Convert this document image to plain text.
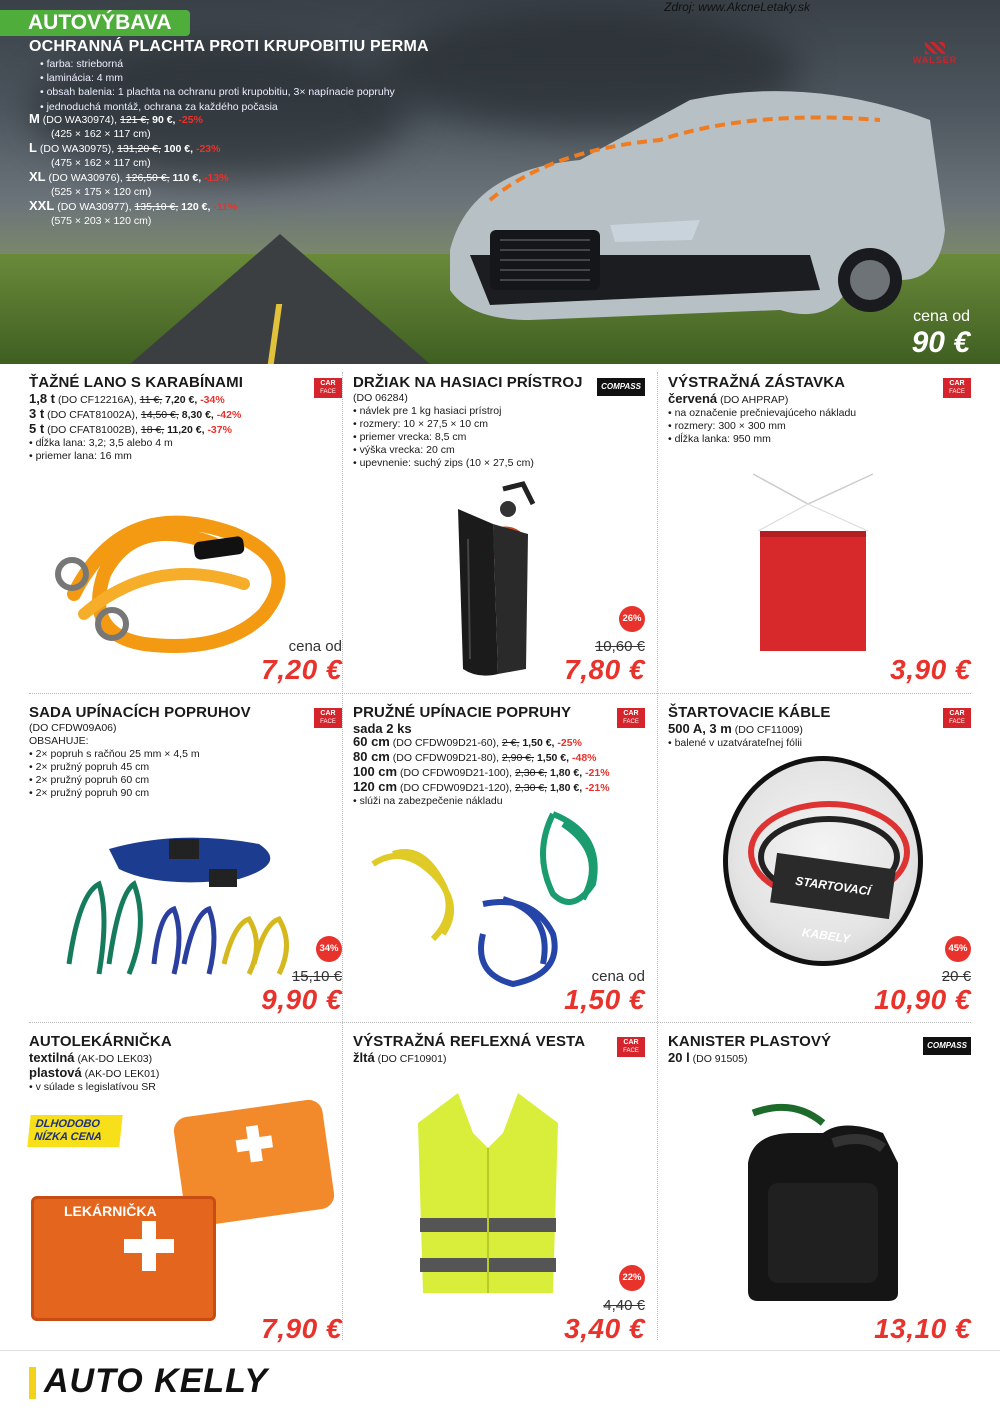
AUTOVÝBAVA
Zdroj: www.AkcneLetaky.sk
OCHRANNÁ PLACHTA PROTI KRUPOBITIU PERMA
• farba: strieborná
• laminácia: 4 mm
• obsah balenia: 1 plachta na ochranu proti krupobitiu, 3× napínacie popruhy
• jednoduchá montáž, ochrana za každého počasia
M (DO WA30974), 121 €, 90 €, -25%
(425 × 162 × 117 cm)
L (DO WA30975), 131,20 €, 100 €, -23%
(475 × 162 × 117 cm)
XL (DO WA30976), 126,50 €, 110 €, -13%
(525 × 175 × 120 cm)
XXL (DO WA30977), 135,10 €, 120 €, -11%
(575 × 203 × 120 cm)
WALSER
cena od
90 €
ŤAŽNÉ LANO S KARABÍNAMI	CAR
FACE
1,8 t (DO CF12216A), 11 €, 7,20 €, -34%
3 t (DO CFAT81002A), 14,50 €, 8,30 €, -42%
5 t (DO CFAT81002B), 18 €, 11,20 €, -37%
• dĺžka lana: 3,2; 3,5 alebo 4 m
• priemer lana: 16 mm
cena od
7,20 €
DRŽIAK NA HASIACI PRÍSTROJ	COMPASS
(DO 06284)
• návlek pre 1 kg hasiaci prístroj
• rozmery: 10 × 27,5 × 10 cm
• priemer vrecka: 8,5 cm
• výška vrecka: 20 cm
• upevnenie: suchý zips (10 × 27,5 cm)
26%
10,60 €
7,80 €
VÝSTRAŽNÁ ZÁSTAVKA	CAR
FACE
červená (DO AHPRAP)
• na označenie prečnievajúceho nákladu
• rozmery: 300 × 300 mm
• dĺžka lanka: 950 mm
3,90 €
SADA UPÍNACÍCH POPRUHOV	CAR
FACE
(DO CFDW09A06)
OBSAHUJE:
• 2× popruh s račňou 25 mm × 4,5 m
• 2× pružný popruh 45 cm
• 2× pružný popruh 60 cm
• 2× pružný popruh 90 cm
34%
15,10 €
9,90 €
PRUŽNÉ UPÍNACIE POPRUHY	CAR
FACE
sada 2 ks
60 cm (DO CFDW09D21-60), 2 €, 1,50 €, -25%
80 cm (DO CFDW09D21-80), 2,90 €, 1,50 €, -48%
100 cm (DO CFDW09D21-100), 2,30 €, 1,80 €, -21%
120 cm (DO CFDW09D21-120), 2,30 €, 1,80 €, -21%
• slúži na zabezpečenie nákladu
cena od
1,50 €
ŠTARTOVACIE KÁBLE	CAR
FACE
500 A, 3 m (DO CF11009)
• balené v uzatvárateľnej fólii
STARTOVACÍ KABELY
45%
20 €
10,90 €
AUTOLEKÁRNIČKA
textilná (AK-DO LEK03)
plastová (AK-DO LEK01)
• v súlade s legislatívou SR
DLHODOBO NÍZKA CENA
LEKÁRNIČKA
7,90 €
VÝSTRAŽNÁ REFLEXNÁ VESTA	CAR
FACE
žltá (DO CF10901)
22%
4,40 €
3,40 €
KANISTER PLASTOVÝ	COMPASS
20 l (DO 91505)
13,10 €
AUTO KELLY
